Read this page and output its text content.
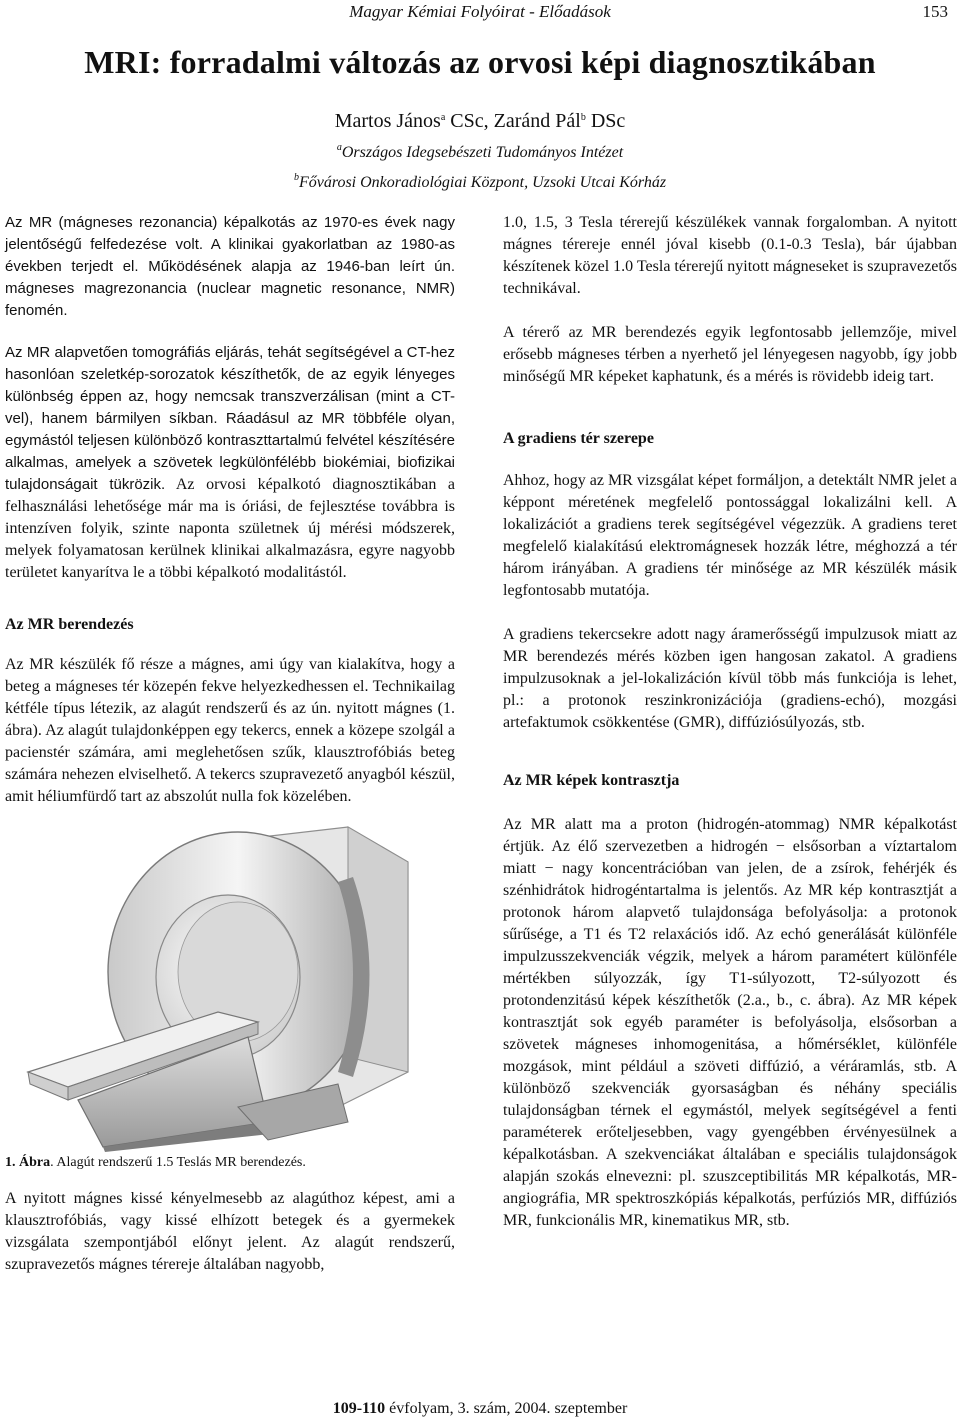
Magyar Kémiai Folyóirat - Előadások	153
MRI: forradalmi változás az orvosi képi diagnosztikában
Martos János$^a$ CSc, Zaránd Pál$^b$ DSc
$^a$Országos Idegsebészeti Tudományos Intézet
$^b$Fővárosi Onkoradiológiai Központ, Uzsoki Utcai Kórház

Az MR (mágneses rezonancia) képalkotás az 1970-es évek nagy jelentőségű felfedezése volt. A klinikai gyakorlatban az 1980-as években terjedt el. Működésének alapja az 1946-ban leírt ún. mágneses magrezonancia (nuclear magnetic resonance, NMR) fenomén.

Az MR alapvetően tomográfiás eljárás, tehát segítségével a CT-hez hasonlóan szeletkép-sorozatok készíthetők, de az egyik lényeges különbség éppen az, hogy nemcsak transzverzálisan (mint a CT-vel), hanem bármilyen síkban. Ráadásul az MR többféle olyan, egymástól teljesen különböző kontraszttartalmú felvétel készítésére alkalmas, amelyek a szövetek legkülönfélébb biokémiai, biofizikai tulajdonságait tükrözik. Az orvosi képalkotó diagnosztikában a felhasználási lehetősége már ma is óriási, de fejlesztése továbbra is intenzíven folyik, szinte naponta születnek új mérési módszerek, melyek folyamatosan kerülnek klinikai alkalmazásra, egyre nagyobb területet kanyarítva le a többi képalkotó modalitástól.

Az MR berendezés

Az MR készülék fő része a mágnes, ami úgy van kialakítva, hogy a beteg a mágneses tér közepén fekve helyezkedhessen el. Technikailag kétféle típus létezik, az alagút rendszerű és az ún. nyitott mágnes (1. ábra). Az alagút tulajdonképpen egy tekercs, ennek a közepe szolgál a pacienstér számára, ami meglehetősen szűk, klausztrofóbiás beteg számára nehezen elviselhető. A tekercs szupravezető anyagból készül, amit héliumfürdő tart az abszolút nulla fok közelében.

1. Ábra. Alagút rendszerű 1.5 Teslás MR berendezés.

A nyitott mágnes kissé kényelmesebb az alagúthoz képest, ami a klausztrofóbiás, vagy kissé elhízott betegek és a gyermekek vizsgálata szempontjából előnyt jelent. Az alagút rendszerű, szupravezetős mágnes térereje általában nagyobb,

1.0, 1.5, 3 Tesla térerejű készülékek vannak forgalomban. A nyitott mágnes térereje ennél jóval kisebb (0.1-0.3 Tesla), bár újabban készítenek közel 1.0 Tesla térerejű nyitott mágneseket is szupravezetős technikával.

A térerő az MR berendezés egyik legfontosabb jellemzője, mivel erősebb mágneses térben a nyerhető jel lényegesen nagyobb, így jobb minőségű MR képeket kaphatunk, és a mérés is rövidebb ideig tart.

A gradiens tér szerepe

Ahhoz, hogy az MR vizsgálat képet formáljon, a detektált NMR jelet a képpont méretének megfelelő pontossággal lokalizálni kell. A lokalizációt a gradiens terek segítségével végezzük. A gradiens teret megfelelő kialakítású elektromágnesek hozzák létre, méghozzá a tér három irányában. A gradiens tér minősége az MR készülék másik legfontosabb mutatója.

A gradiens tekercsekre adott nagy áramerősségű impulzusok miatt az MR berendezés mérés közben igen hangosan zakatol. A gradiens impulzusoknak a jel-lokalizáción kívül több más funkciója is lehet, pl.: a protonok reszinkronizációja (gradiens-echó), mozgási artefaktumok csökkentése (GMR), diffúziósúlyozás, stb.

Az MR képek kontrasztja

Az MR alatt ma a proton (hidrogén-atommag) NMR képalkotást értjük. Az élő szervezetben a hidrogén − elsősorban a víztartalom miatt − nagy koncentrációban van jelen, de a zsírok, fehérjék és szénhidrátok hidrogéntartalma is jelentős. Az MR kép kontrasztját a protonok három alapvető tulajdonsága befolyásolja: a protonok sűrűsége, a T1 és T2 relaxációs idő. Az echó generálását különféle impulzusszekvenciák végzik, melyek a három paramétert különféle mértékben súlyozzák, így T1-súlyozott, T2-súlyozott és protondenzitású képek készíthetők (2.a., b., c. ábra). Az MR képek kontrasztját sok egyéb paraméter is befolyásolja, elsősorban a szövetek mágneses inhomogenitása, a hőmérséklet, különféle mozgások, mint például a szöveti diffúzió, a véráramlás, stb. A különböző szekvenciák gyorsaságban és néhány speciális tulajdonságban térnek el egymástól, melyek segítségével a fenti paraméterek erőteljesebben, vagy gyengébben érvényesülnek a képalkotásban. A szekvenciákat általában e speciális tulajdonságok alapján szokás elnevezni: pl. szuszceptibilitás MR képalkotás, MR-angiográfia, MR spektroszkópiás képalkotás, perfúziós MR, diffúziós MR, funkcionális MR, kinematikus MR, stb.

109-110 évfolyam, 3. szám, 2004. szeptember
